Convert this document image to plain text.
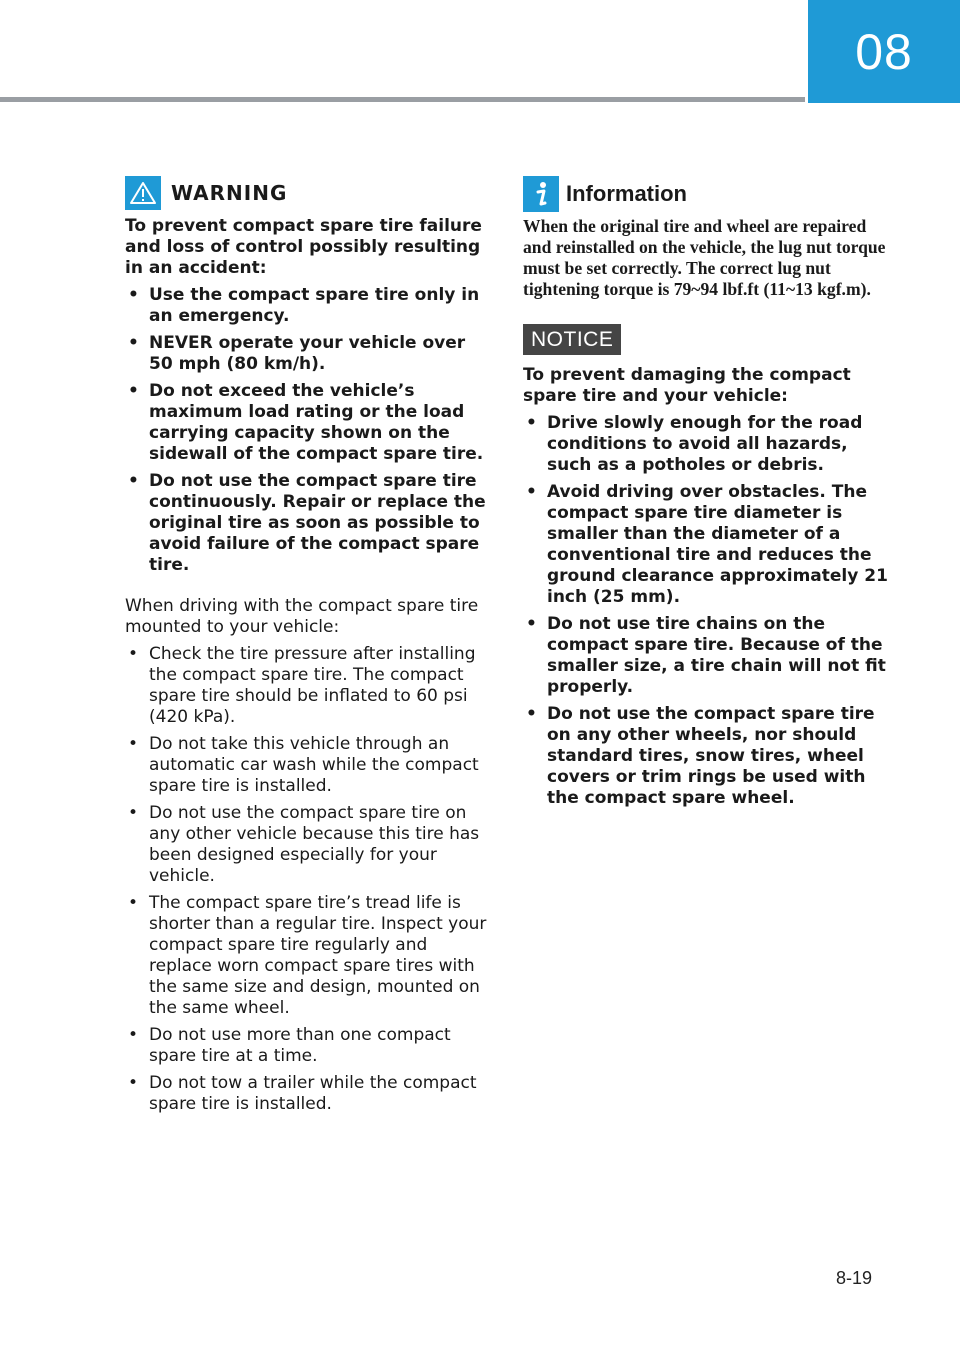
08
WARNING
To prevent compact spare tire failure and loss of control possibly resulting in an accident:
• Use the compact spare tire only in an emergency.
• NEVER operate your vehicle over 50 mph (80 km/h).
• Do not exceed the vehicle’s maximum load rating or the load carrying capacity shown on the sidewall of the compact spare tire.
• Do not use the compact spare tire continuously. Repair or replace the original tire as soon as possible to avoid failure of the compact spare tire.
When driving with the compact spare tire mounted to your vehicle:
• Check the tire pressure after installing the compact spare tire. The compact spare tire should be inflated to 60 psi (420 kPa).
• Do not take this vehicle through an automatic car wash while the compact spare tire is installed.
• Do not use the compact spare tire on any other vehicle because this tire has been designed especially for your vehicle.
• The compact spare tire’s tread life is shorter than a regular tire. Inspect your compact spare tire regularly and replace worn compact spare tires with the same size and design, mounted on the same wheel.
• Do not use more than one compact spare tire at a time.
• Do not tow a trailer while the compact spare tire is installed.
Information
When the original tire and wheel are repaired and reinstalled on the vehicle, the lug nut torque must be set correctly. The correct lug nut tightening torque is 79~94 lbf.ft (11~13 kgf.m).
NOTICE
To prevent damaging the compact spare tire and your vehicle:
• Drive slowly enough for the road conditions to avoid all hazards, such as a potholes or debris.
• Avoid driving over obstacles. The compact spare tire diameter is smaller than the diameter of a conventional tire and reduces the ground clearance approximately 21 inch (25 mm).
• Do not use tire chains on the compact spare tire. Because of the smaller size, a tire chain will not fit properly.
• Do not use the compact spare tire on any other wheels, nor should standard tires, snow tires, wheel covers or trim rings be used with the compact spare wheel.
8-19
